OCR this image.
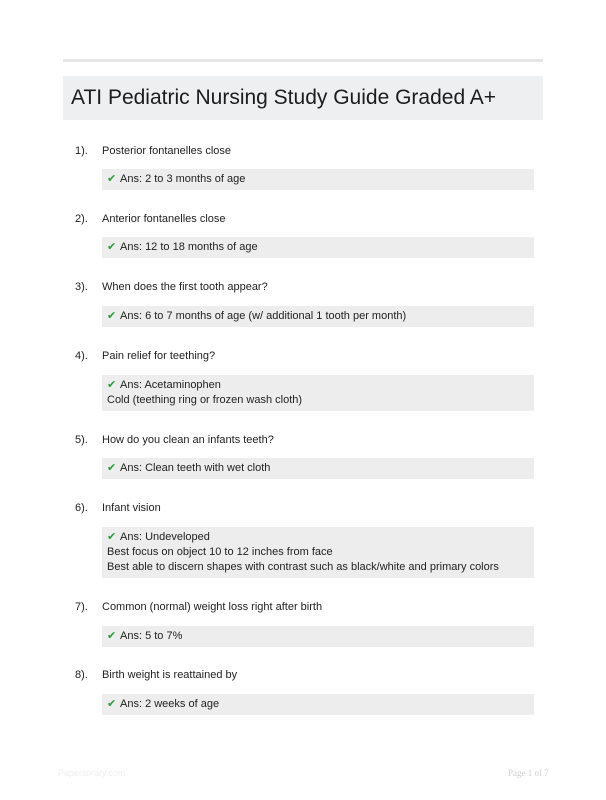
ATI Pediatric Nursing Study Guide Graded A+
1). Posterior fontanelles close
✔ Ans: 2 to 3 months of age
2). Anterior fontanelles close
✔ Ans: 12 to 18 months of age
3). When does the first tooth appear?
✔ Ans: 6 to 7 months of age (w/ additional 1 tooth per month)
4). Pain relief for teething?
✔ Ans: Acetaminophen
Cold (teething ring or frozen wash cloth)
5). How do you clean an infants teeth?
✔ Ans: Clean teeth with wet cloth
6). Infant vision
✔ Ans: Undeveloped
Best focus on object 10 to 12 inches from face
Best able to discern shapes with contrast such as black/white and primary colors
7). Common (normal) weight loss right after birth
✔ Ans: 5 to 7%
8). Birth weight is reattained by
✔ Ans: 2 weeks of age
Paperlibrary.com	Page 1 of 7
